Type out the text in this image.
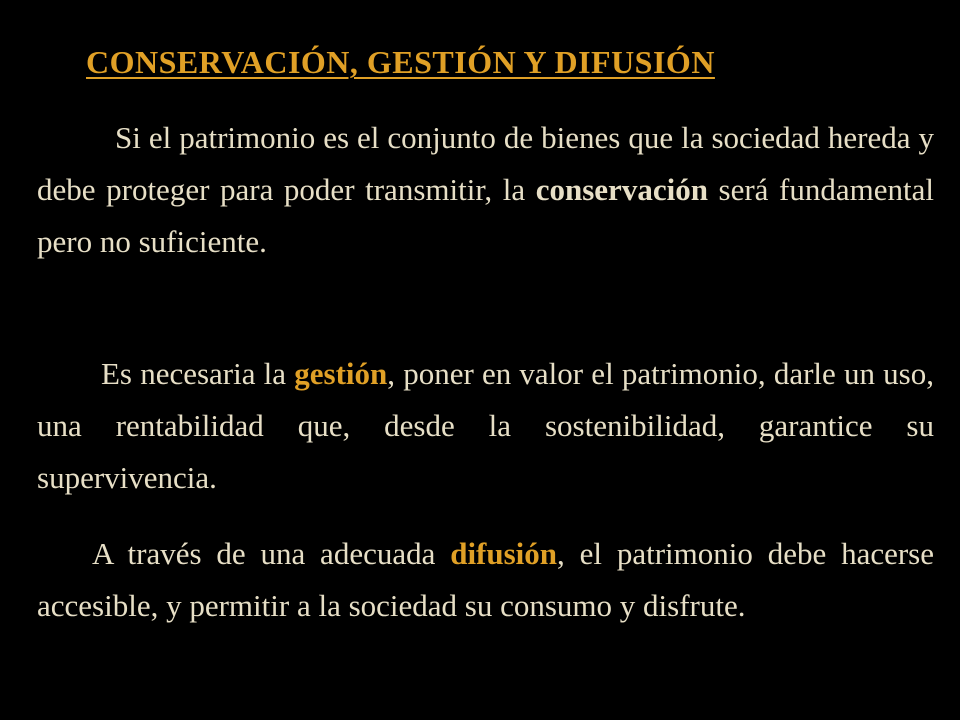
CONSERVACIÓN, GESTIÓN Y DIFUSIÓN

Si el patrimonio es el conjunto de bienes que la sociedad hereda y debe proteger para poder transmitir, la conservación será fundamental pero no suficiente.

Es necesaria la gestión, poner en valor el patrimonio, darle un uso, una rentabilidad que, desde la sostenibilidad, garantice su supervivencia.

A través de una adecuada difusión, el patrimonio debe hacerse accesible, y permitir a la sociedad su consumo y disfrute.
